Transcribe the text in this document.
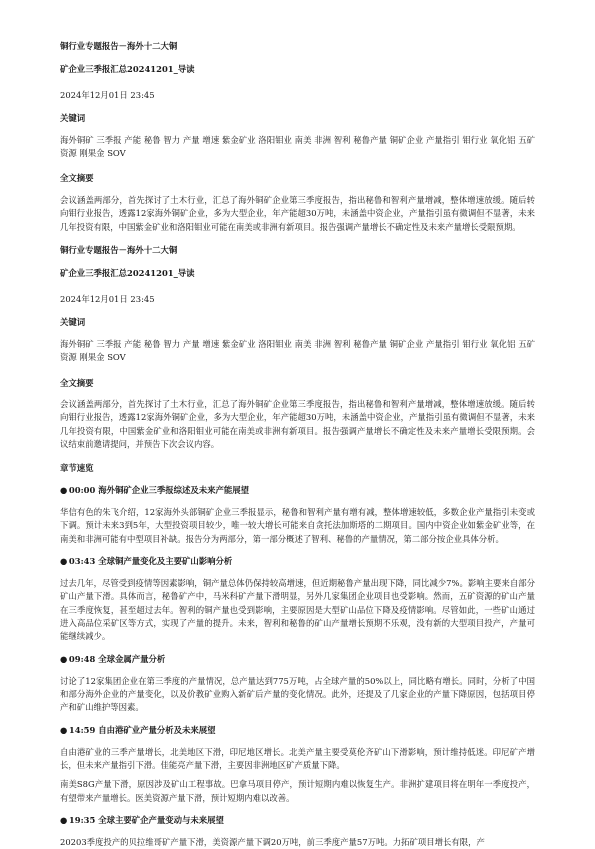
铜行业专题报告－海外十二大铜

矿企业三季报汇总20241201_导读

2024年12月01日 23:45

关键词

海外铜矿 三季报 产能 秘鲁 智力 产量 增速 紫金矿业 洛阳钼业 南美 非洲 智利 秘鲁产量 铜矿企业 产量指引 钼行业 氧化铝 五矿资源 刚果金 SOV

全文摘要

会议涵盖两部分，首先探讨了土木行业，汇总了海外铜矿企业第三季度报告，指出秘鲁和智利产量增减，整体增速放缓。随后转向钼行业报告，透露12家海外铜矿企业，多为大型企业，年产能超30万吨，未涵盖中资企业，产量指引虽有微调但不显著，未来几年投资有限，中国紫金矿业和洛阳钼业可能在南美或非洲有新项目。报告强调产量增长不确定性及未来产量增长受限预期。

铜行业专题报告－海外十二大铜

矿企业三季报汇总20241201_导读

2024年12月01日 23:45

关键词

海外铜矿 三季报 产能 秘鲁 智力 产量 增速 紫金矿业 洛阳钼业 南美 非洲 智利 秘鲁产量 铜矿企业 产量指引 钼行业 氧化铝 五矿资源 刚果金 SOV

全文摘要

会议涵盖两部分，首先探讨了土木行业，汇总了海外铜矿企业第三季度报告，指出秘鲁和智利产量增减，整体增速放缓。随后转向钼行业报告，透露12家海外铜矿企业，多为大型企业，年产能超30万吨，未涵盖中资企业，产量指引虽有微调但不显著，未来几年投资有限，中国紫金矿业和洛阳钼业可能在南美或非洲有新项目。报告强调产量增长不确定性及未来产量增长受限预期。会议结束前邀请提问，并预告下次会议内容。

章节速览

● 00:00 海外铜矿企业三季报综述及未来产能展望

华信有色的朱飞介绍，12家海外头部铜矿企业三季报显示，秘鲁和智利产量有增有减，整体增速较低，多数企业产量指引未变或下调。预计未来3到5年，大型投资项目较少，唯一较大增长可能来自贪托法加斯塔的二期项目。国内中资企业如紫金矿业等，在南美和非洲可能有中型项目补缺。报告分为两部分，第一部分概述了智利、秘鲁的产量情况，第二部分按企业具体分析。

● 03:43 全球铜产量变化及主要矿山影响分析

过去几年，尽管受到疫情等因素影响，铜产量总体仍保持较高增速，但近期秘鲁产量出现下降，同比减少7%。影响主要来自部分矿山产量下滑。具体而言，秘鲁矿产中，马米科矿产量下滑明显，另外几家集团企业项目也受影响。然而，五矿资源的矿山产量在三季度恢复，甚至超过去年。智利的铜产量也受到影响，主要原因是大型矿山品位下降及疫情影响。尽管如此，一些矿山通过进入高品位采矿区等方式，实现了产量的提升。未来，智利和秘鲁的矿山产量增长预期不乐观，没有新的大型项目投产，产量可能继续减少。

● 09:48 全球金属产量分析

讨论了12家集团企业在第三季度的产量情况，总产量达到775万吨，占全球产量的50%以上，同比略有增长。同时，分析了中国和部分海外企业的产量变化，以及价教矿业购入新矿后产量的变化情况。此外，还提及了几家企业的产量下降原因，包括项目停产和矿山维护等因素。

● 14:59 自由港矿业产量分析及未来展望

自由港矿业的三季产量增长，北美地区下滑，印尼地区增长。北美产量主要受莫伦齐矿山下滑影响，预计维持低迷。印尼矿产增长，但未来产量指引下滑。佳能亮产量下滑，主要因非洲地区矿产质量下降。

南美S8G产量下滑，原因涉及矿山工程事故。巴拿马项目停产，预计短期内难以恢复生产。非洲扩建项目将在明年一季度投产，有望带来产量增长。医美资源产量下滑，预计短期内难以改善。

● 19:35 全球主要矿企产量变动与未来展望

20203季度投产的贝拉维哥矿产量下滑，美资源产量下调20万吨，前三季度产量57万吨。力拓矿项目增长有限，产
